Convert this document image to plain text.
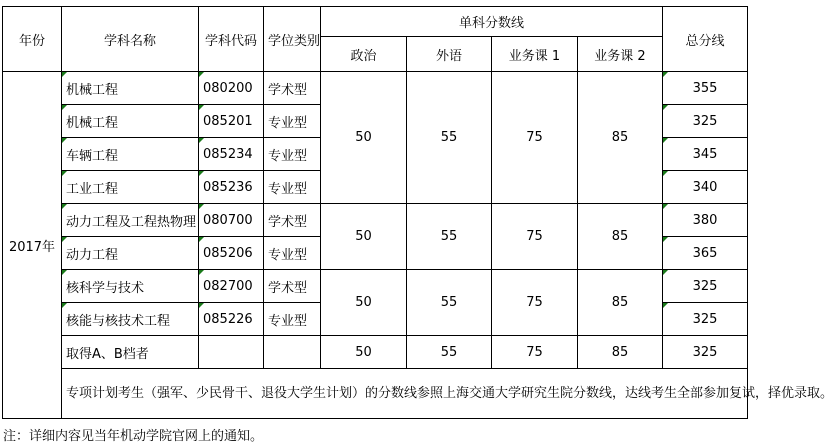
年份	学科名称	学科代码	学位类别	单科分数线				总分线
				政治	外语	业务课 1	业务课 2	
2017年	机械工程	080200	学术型	50	55	75	85	355
	机械工程	085201	专业型					325
	车辆工程	085234	专业型					345
	工业工程	085236	专业型					340
	动力工程及工程热物理	080700	学术型	50	55	75	85	380
	动力工程	085206	专业型					365
	核科学与技术	082700	学术型	50	55	75	85	325
	核能与核技术工程	085226	专业型					325
	取得A、B档者			50	55	75	85	325
	专项计划考生（强军、少民骨干、退役大学生计划）的分数线参照上海交通大学研究生院分数线，达线考生全部参加复试，择优录取。							
注：详细内容见当年机动学院官网上的通知。
